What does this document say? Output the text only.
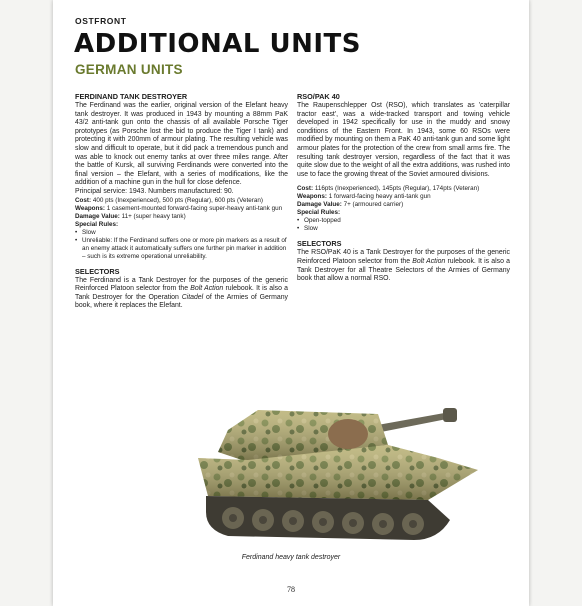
OSTFRONT
ADDITIONAL UNITS
GERMAN UNITS
FERDINAND TANK DESTROYER

The Ferdinand was the earlier, original version of the Elefant heavy tank destroyer. It was produced in 1943 by mounting a 88mm PaK 43/2 anti-tank gun onto the chassis of all available Porsche Tiger prototypes (as Porsche lost the bid to produce the Tiger I tank) and protecting it with 200mm of armour plating. The resulting vehicle was slow and difficult to operate, but it did pack a tremendous punch and was able to knock out enemy tanks at over three miles range. After the battle of Kursk, all surviving Ferdinands were converted into the final version – the Elefant, with a series of modifications, like the addition of a machine gun in the hull for close defence.

Principal service: 1943. Numbers manufactured: 90.

Cost: 400 pts (Inexperienced), 500 pts (Regular), 600 pts (Veteran)
Weapons: 1 casement-mounted forward-facing super-heavy anti-tank gun
Damage Value: 11+ (super heavy tank)
Special Rules:
• Slow
• Unreliable: If the Ferdinand suffers one or more pin markers as a result of an enemy attack it automatically suffers one further pin marker in addition – such is its extreme operational unreliability.
SELECTORS

The Ferdinand is a Tank Destroyer for the purposes of the generic Reinforced Platoon selector from the Bolt Action rulebook. It is also a Tank Destroyer for the Operation Citadel of the Armies of Germany book, where it replaces the Elefant.

RSO/PAK 40

The Raupenschlepper Ost (RSO), which translates as 'caterpillar tractor east', was a wide-tracked transport and towing vehicle developed in 1942 specifically for use in the muddy and snowy conditions of the Eastern Front. In 1943, some 60 RSOs were modified by mounting on them a PaK 40 anti-tank gun and some light armour plates for the protection of the crew from small arms fire. The resulting tank destroyer version, regardless of the fact that it was quite slow due to the weight of all the extra additions, was rushed into use to face the growing threat of the Soviet armoured divisions.

Cost: 116pts (Inexperienced), 145pts (Regular), 174pts (Veteran)
Weapons: 1 forward-facing heavy anti-tank gun
Damage Value: 7+ (armoured carrier)
Special Rules:
• Open-topped
• Slow
SELECTORS

The RSO/PaK 40 is a Tank Destroyer for the purposes of the generic Reinforced Platoon selector from the Bolt Action rulebook. It is also a Tank Destroyer for all Theatre Selectors of the Armies of Germany book that allow a normal RSO.

Ferdinand heavy tank destroyer
78
